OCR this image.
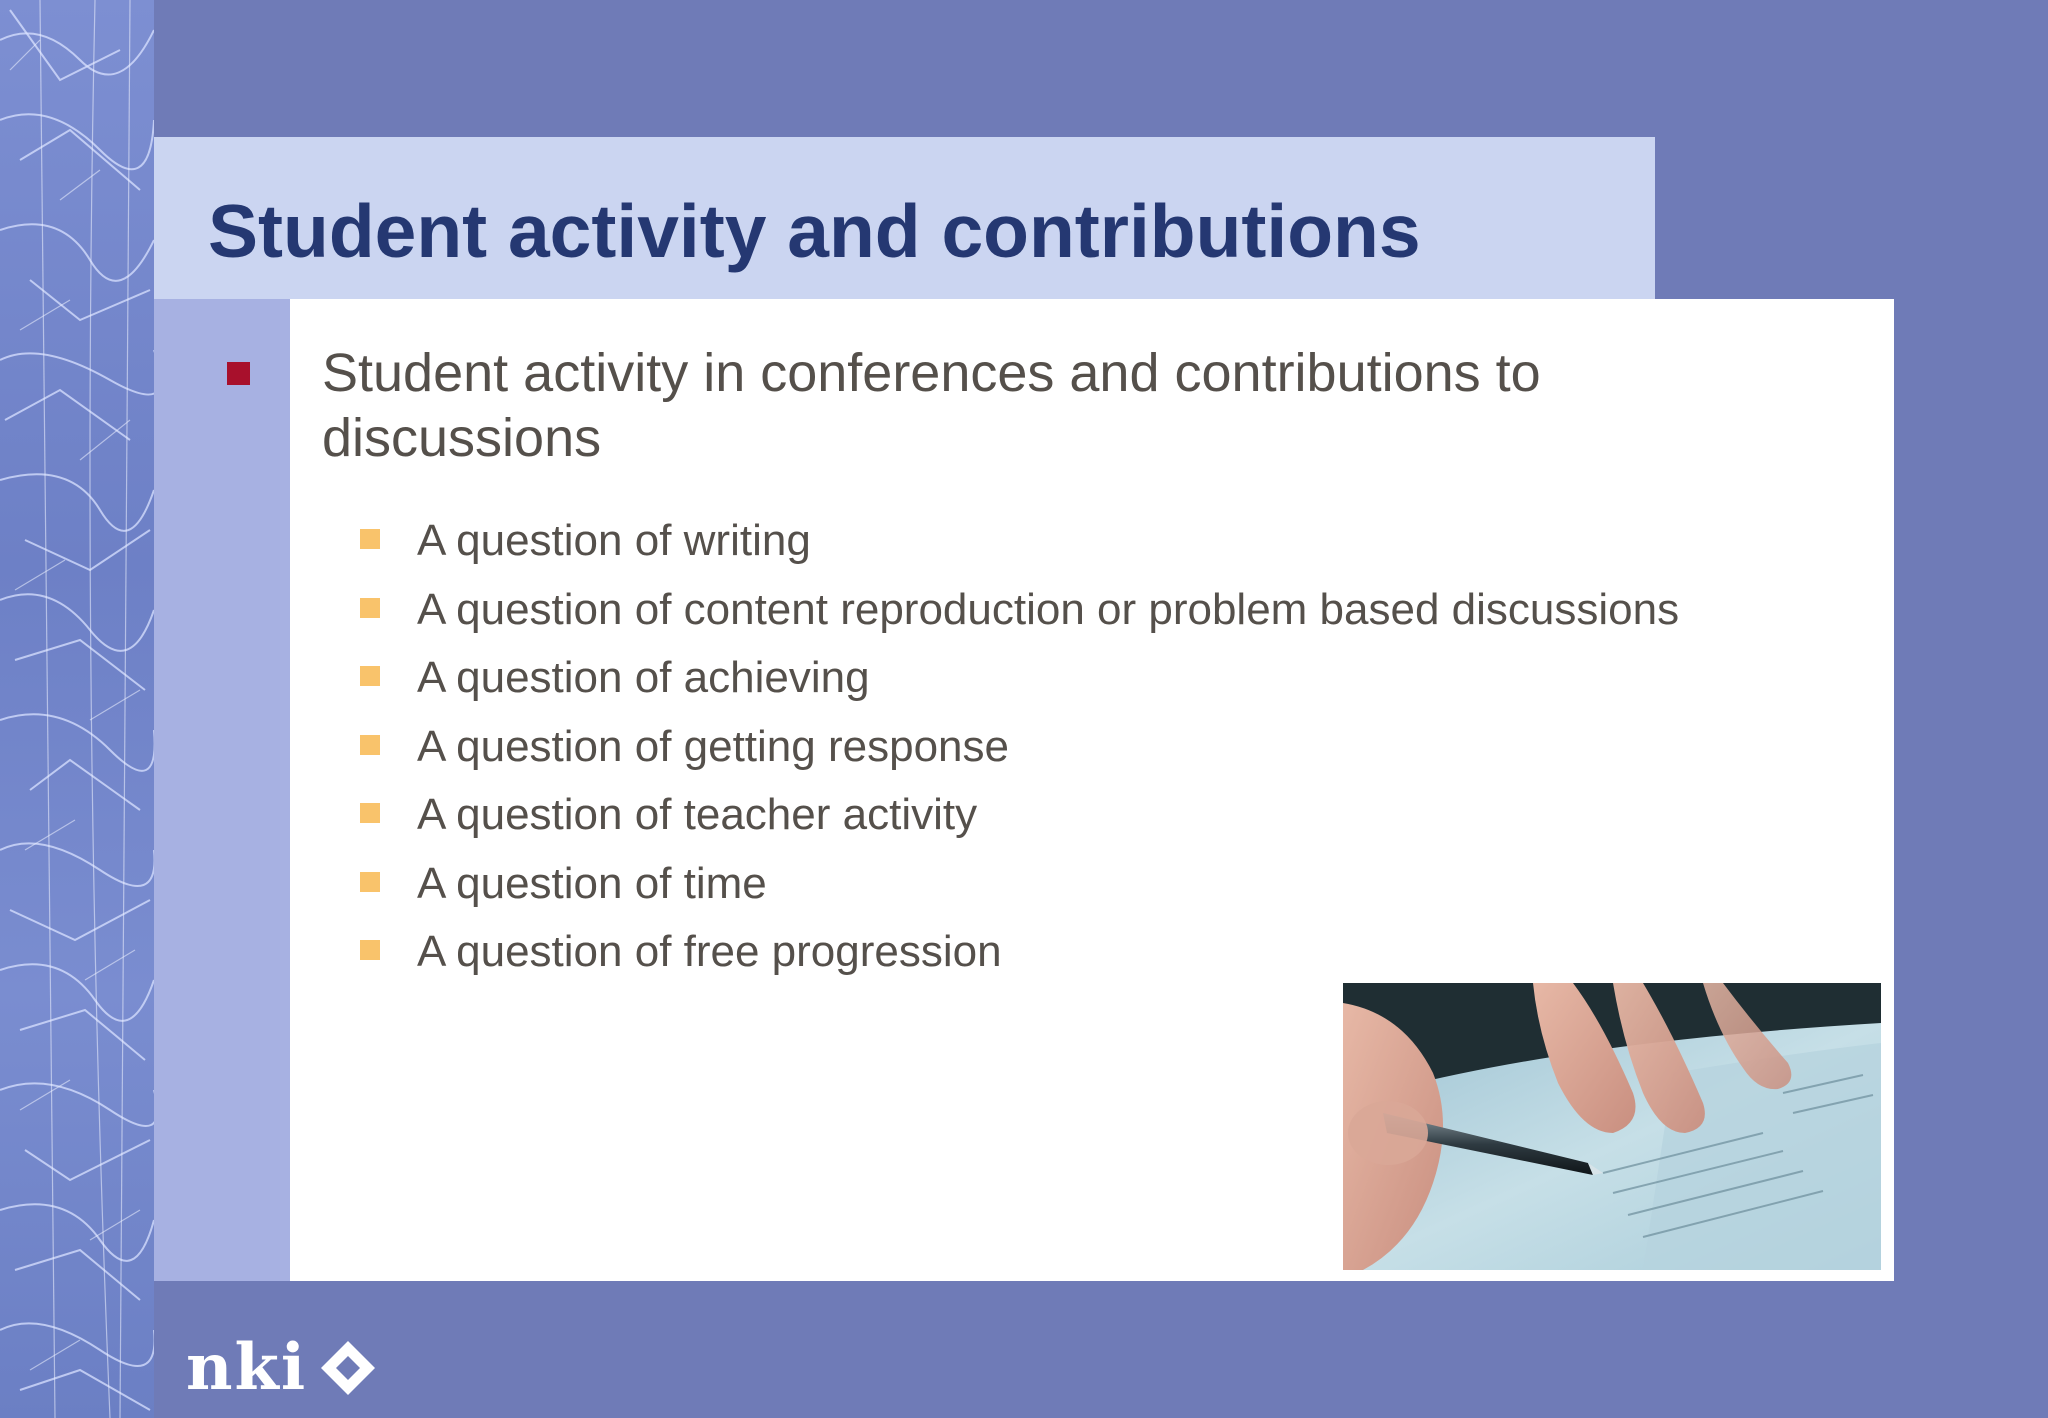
Student activity and contributions

Student activity in conferences and contributions to discussions

A question of writing
A question of content reproduction or problem based discussions
A question of achieving
A question of getting response
A question of teacher activity
A question of time
A question of free progression
nki
